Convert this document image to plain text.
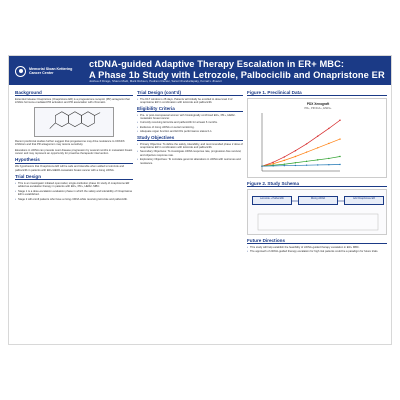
Memorial Sloan Kettering
Cancer Center
ctDNA-guided Adaptive Therapy Escalation in ER+ MBC:
A Phase 1b Study with Letrozole, Palbociclib and Onapristone ER
Joshua Z Drago, Shanu Modi, Mark Robson, Pedram Razavi, Sarat Chandarlapaty, Komal L Jhaveri
Background
Extended release Onapristone (Onapristone ER) is a progesterone receptor (PR) antagonist that inhibits hormone-mediated PR activation and PR association with chromatin.
Recent preclinical studies further suggest that progesterone may drive resistance to CDK4/6 inhibitors and that PR antagonism may restore sensitivity.
Elevations in ctDNA can precede overt disease progression by several months in metastatic breast cancer and may represent an opportunity for proactive therapeutic intervention.
Hypothesis
We hypothesize that Onapristone ER will be safe and tolerable when added to letrozole and palbociclib in patients with ER+/HER2-metastatic breast cancer with a rising ctDNA.
Trial Design
• This is an investigator initiated open-label, single-institution phase 1b study of onapristone ER added as escalation therapy in patients with ER+, PR+, HER2- MBC.
• Stage 1 is a dose-escalation evaluation phase in which the safety and tolerability of Onapristone ER is established.
• Stage 2 will enroll patients who have a rising ctDNA while receiving letrozole and palbociclib.
Trial Design (cont'd)
• The DLT window is 28 days. Patients will initially be enrolled to dose level 0 of onapristone ER in combination with letrozole and palbociclib.
Eligibility Criteria
• Pre- or post-menopausal women with histologically confirmed ER+, PR+, HER2- metastatic breast cancer.
• Currently receiving letrozole and palbociclib for at least 6 months.
• Evidence of rising ctDNA on serial monitoring.
• Adequate organ function and ECOG performance status 0-1.
Study Objectives
• Primary Objective: To define the safety, tolerability, and recommended phase 2 dose of onapristone ER in combination with letrozole and palbociclib.
• Secondary Objectives: To investigate ctDNA response rate, progression-free survival, and objective response rate.
• Exploratory Objectives: To correlate genomic alterations in ctDNA with outcomes and resistance.
Figure 1. Preclinical Data
PDX Xenograft
PR+, PIK3CA+, ESR1+
Figure 2. Study Schema
Letrozole + Palbociclib	Rising ctDNA	Add Onapristone ER
Future Directions
• This study will help establish the feasibility of ctDNA-guided therapy escalation in ER+ MBC.
• The approach of ctDNA-guided therapy escalation for high risk patients could be a paradigm for future trials.
